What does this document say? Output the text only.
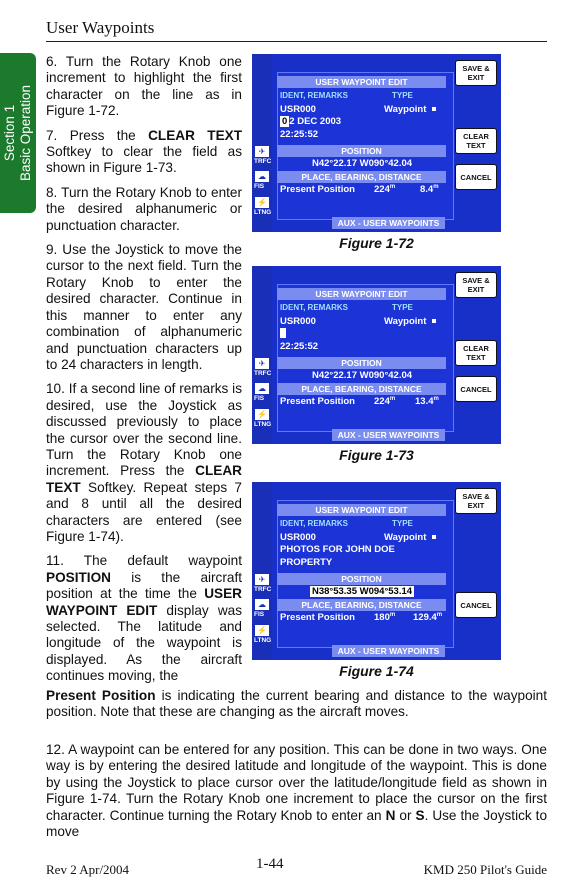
User Waypoints
Section 1 Basic Operation

6. Turn the Rotary Knob one increment to highlight the first character on the line as in Figure 1-72.

7. Press the CLEAR TEXT Softkey to clear the field as shown in Figure 1-73.

8. Turn the Rotary Knob to enter the desired alphanumeric or punctuation character.

9. Use the Joystick to move the cursor to the next field. Turn the Rotary Knob to enter the desired character. Continue in this manner to enter any combination of alphanumeric and punctuation characters up to 24 characters in length.

10. If a second line of remarks is desired, use the Joystick as discussed previously to place the cursor over the second line. Turn the Rotary Knob one increment. Press the CLEAR TEXT Softkey. Repeat steps 7 and 8 until all the desired characters are entered (see Figure 1-74).

11. The default waypoint POSITION is the aircraft position at the time the USER WAYPOINT EDIT display was selected. The latitude and longitude of the waypoint is displayed. As the aircraft continues moving, the

Present Position is indicating the current bearing and distance to the waypoint position. Note that these are changing as the aircraft moves.

12. A waypoint can be entered for any position. This can be done in two ways. One way is by entering the desired latitude and longitude of the waypoint. This is done by using the Joystick to place cursor over the latitude/longitude field as shown in Figure 1-74. Turn the Rotary Knob one increment to place the cursor on the first character. Continue turning the Rotary Knob to enter an N or S. Use the Joystick to move

✈
TRFC
☁
FIS
⚡
LTNG
USER WAYPOINT EDIT
IDENT, REMARKS	TYPE
USR000	Waypoint
0 2 DEC 2003
22:25:52
POSITION
N42°22.17 W090°42.04
PLACE, BEARING, DISTANCE
Present Position 224$^m$	8.4$^m$
AUX - USER WAYPOINTS
SAVE & EXIT
CLEAR TEXT
CANCEL
Figure 1-72
✈
TRFC
☁
FIS
⚡
LTNG
USER WAYPOINT EDIT
IDENT, REMARKS	TYPE
USR000	Waypoint
22:25:52
POSITION
N42°22.17 W090°42.04
PLACE, BEARING, DISTANCE
Present Position 224$^m$ 13.4$^m$
AUX - USER WAYPOINTS
SAVE & EXIT
CLEAR TEXT
CANCEL
Figure 1-73
✈
TRFC
☁
FIS
⚡
LTNG
USER WAYPOINT EDIT
IDENT, REMARKS	TYPE
USR000	Waypoint
PHOTOS FOR JOHN DOE
PROPERTY
POSITION
N38°53.35 W094°53.14
PLACE, BEARING, DISTANCE
Present Position 180$^m$ 129.4$^m$
AUX - USER WAYPOINTS
SAVE & EXIT
CANCEL
Figure 1-74
Rev 2 Apr/2004	1-44	KMD 250 Pilot's Guide
